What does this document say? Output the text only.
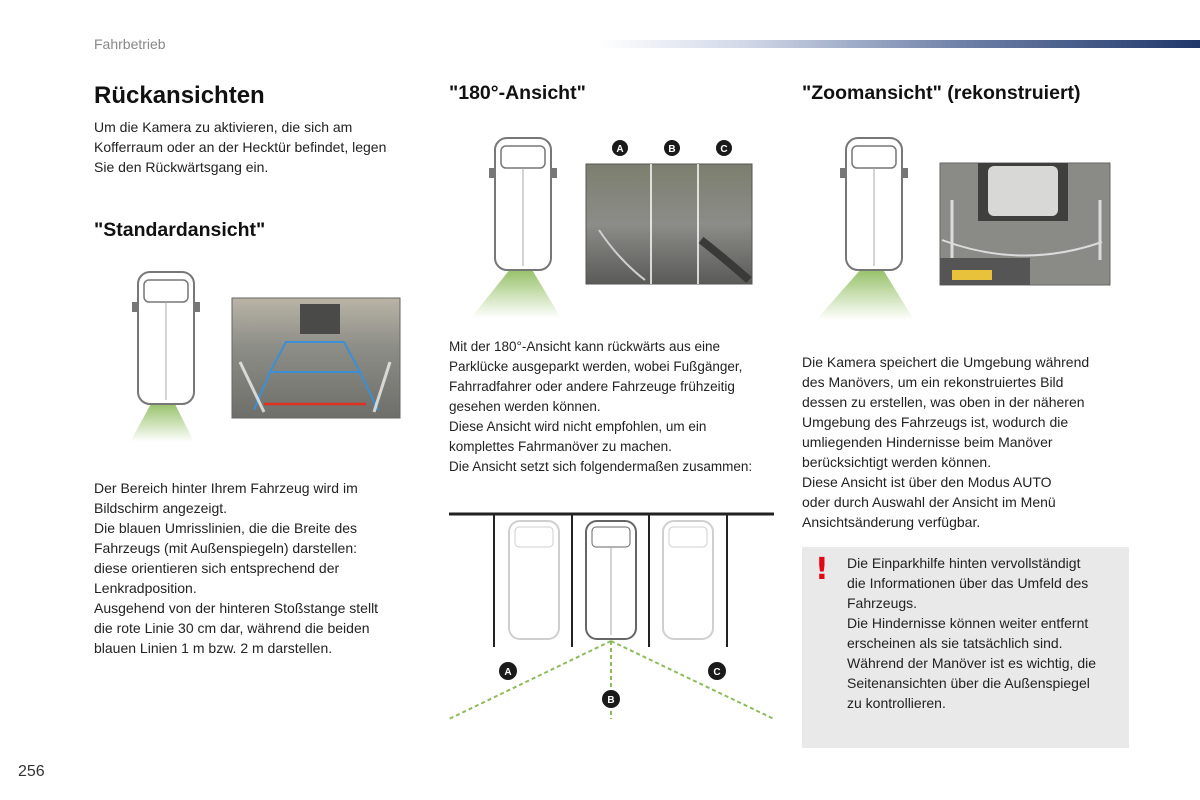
Fahrbetrieb
Rückansichten
Um die Kamera zu aktivieren, die sich am
Kofferraum oder an der Hecktür befindet, legen
Sie den Rückwärtsgang ein.
"Standardansicht"
Der Bereich hinter Ihrem Fahrzeug wird im
Bildschirm angezeigt.
Die blauen Umrisslinien, die die Breite des
Fahrzeugs (mit Außenspiegeln) darstellen:
diese orientieren sich entsprechend der
Lenkradposition.
Ausgehend von der hinteren Stoßstange stellt
die rote Linie 30 cm dar, während die beiden
blauen Linien 1 m bzw. 2 m darstellen.
"180°-Ansicht"
A	B	C
Mit der 180°-Ansicht kann rückwärts aus eine
Parklücke ausgeparkt werden, wobei Fußgänger,
Fahrradfahrer oder andere Fahrzeuge frühzeitig
gesehen werden können.
Diese Ansicht wird nicht empfohlen, um ein
komplettes Fahrmanöver zu machen.
Die Ansicht setzt sich folgendermaßen zusammen:
A
B
C
"Zoomansicht" (rekonstruiert)
Die Kamera speichert die Umgebung während
des Manövers, um ein rekonstruiertes Bild
dessen zu erstellen, was oben in der näheren
Umgebung des Fahrzeugs ist, wodurch die
umliegenden Hindernisse beim Manöver
berücksichtigt werden können.
Diese Ansicht ist über den Modus AUTO
oder durch Auswahl der Ansicht im Menü
Ansichtsänderung verfügbar.
! Die Einparkhilfe hinten vervollständigt
die Informationen über das Umfeld des
Fahrzeugs.
Die Hindernisse können weiter entfernt
erscheinen als sie tatsächlich sind.
Während der Manöver ist es wichtig, die
Seitenansichten über die Außenspiegel
zu kontrollieren.
256
